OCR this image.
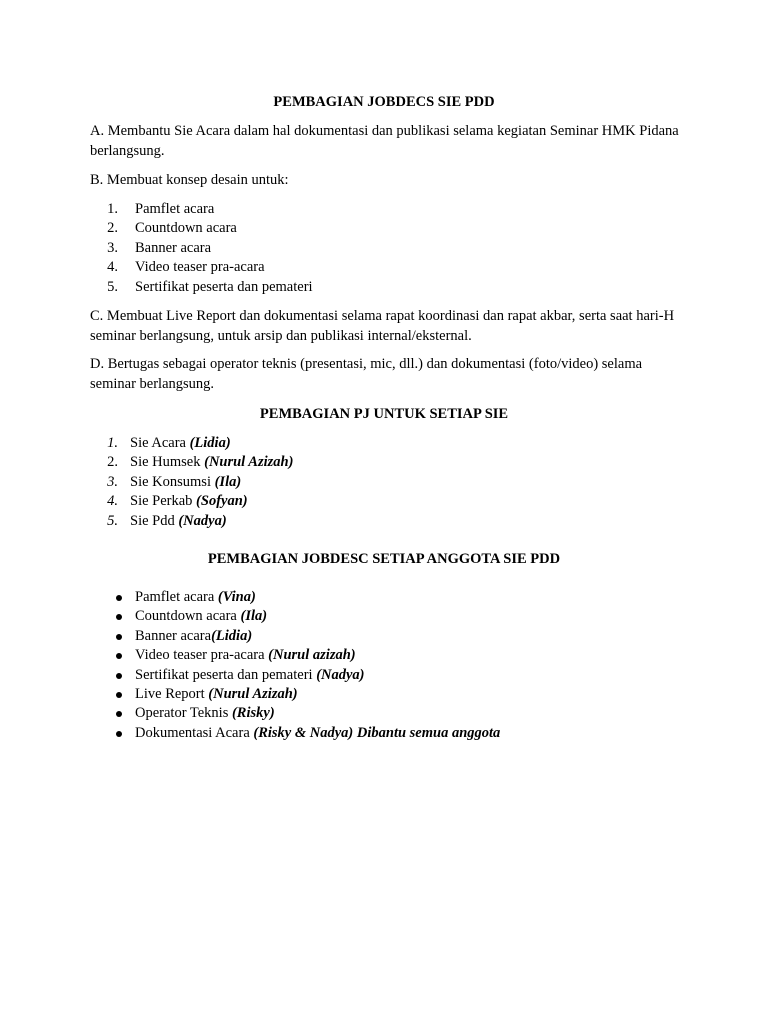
PEMBAGIAN JOBDECS SIE PDD

A. Membantu Sie Acara dalam hal dokumentasi dan publikasi selama kegiatan Seminar HMK Pidana berlangsung.

B. Membuat konsep desain untuk:

1. Pamflet acara
2. Countdown acara
3. Banner acara
4. Video teaser pra-acara
5. Sertifikat peserta dan pemateri

C. Membuat Live Report dan dokumentasi selama rapat koordinasi dan rapat akbar, serta saat hari-H seminar berlangsung, untuk arsip dan publikasi internal/eksternal.

D. Bertugas sebagai operator teknis (presentasi, mic, dll.) dan dokumentasi (foto/video) selama seminar berlangsung.

PEMBAGIAN PJ UNTUK SETIAP SIE
1. Sie Acara (Lidia)
2. Sie Humsek (Nurul Azizah)
3. Sie Konsumsi (Ila)
4. Sie Perkab (Sofyan)
5. Sie Pdd (Nadya)
PEMBAGIAN JOBDESC SETIAP ANGGOTA SIE PDD
Pamflet acara (Vina)
Countdown acara (Ila)
Banner acara(Lidia)
Video teaser pra-acara (Nurul azizah)
Sertifikat peserta dan pemateri (Nadya)
Live Report (Nurul Azizah)
Operator Teknis (Risky)
Dokumentasi Acara (Risky & Nadya) Dibantu semua anggota
